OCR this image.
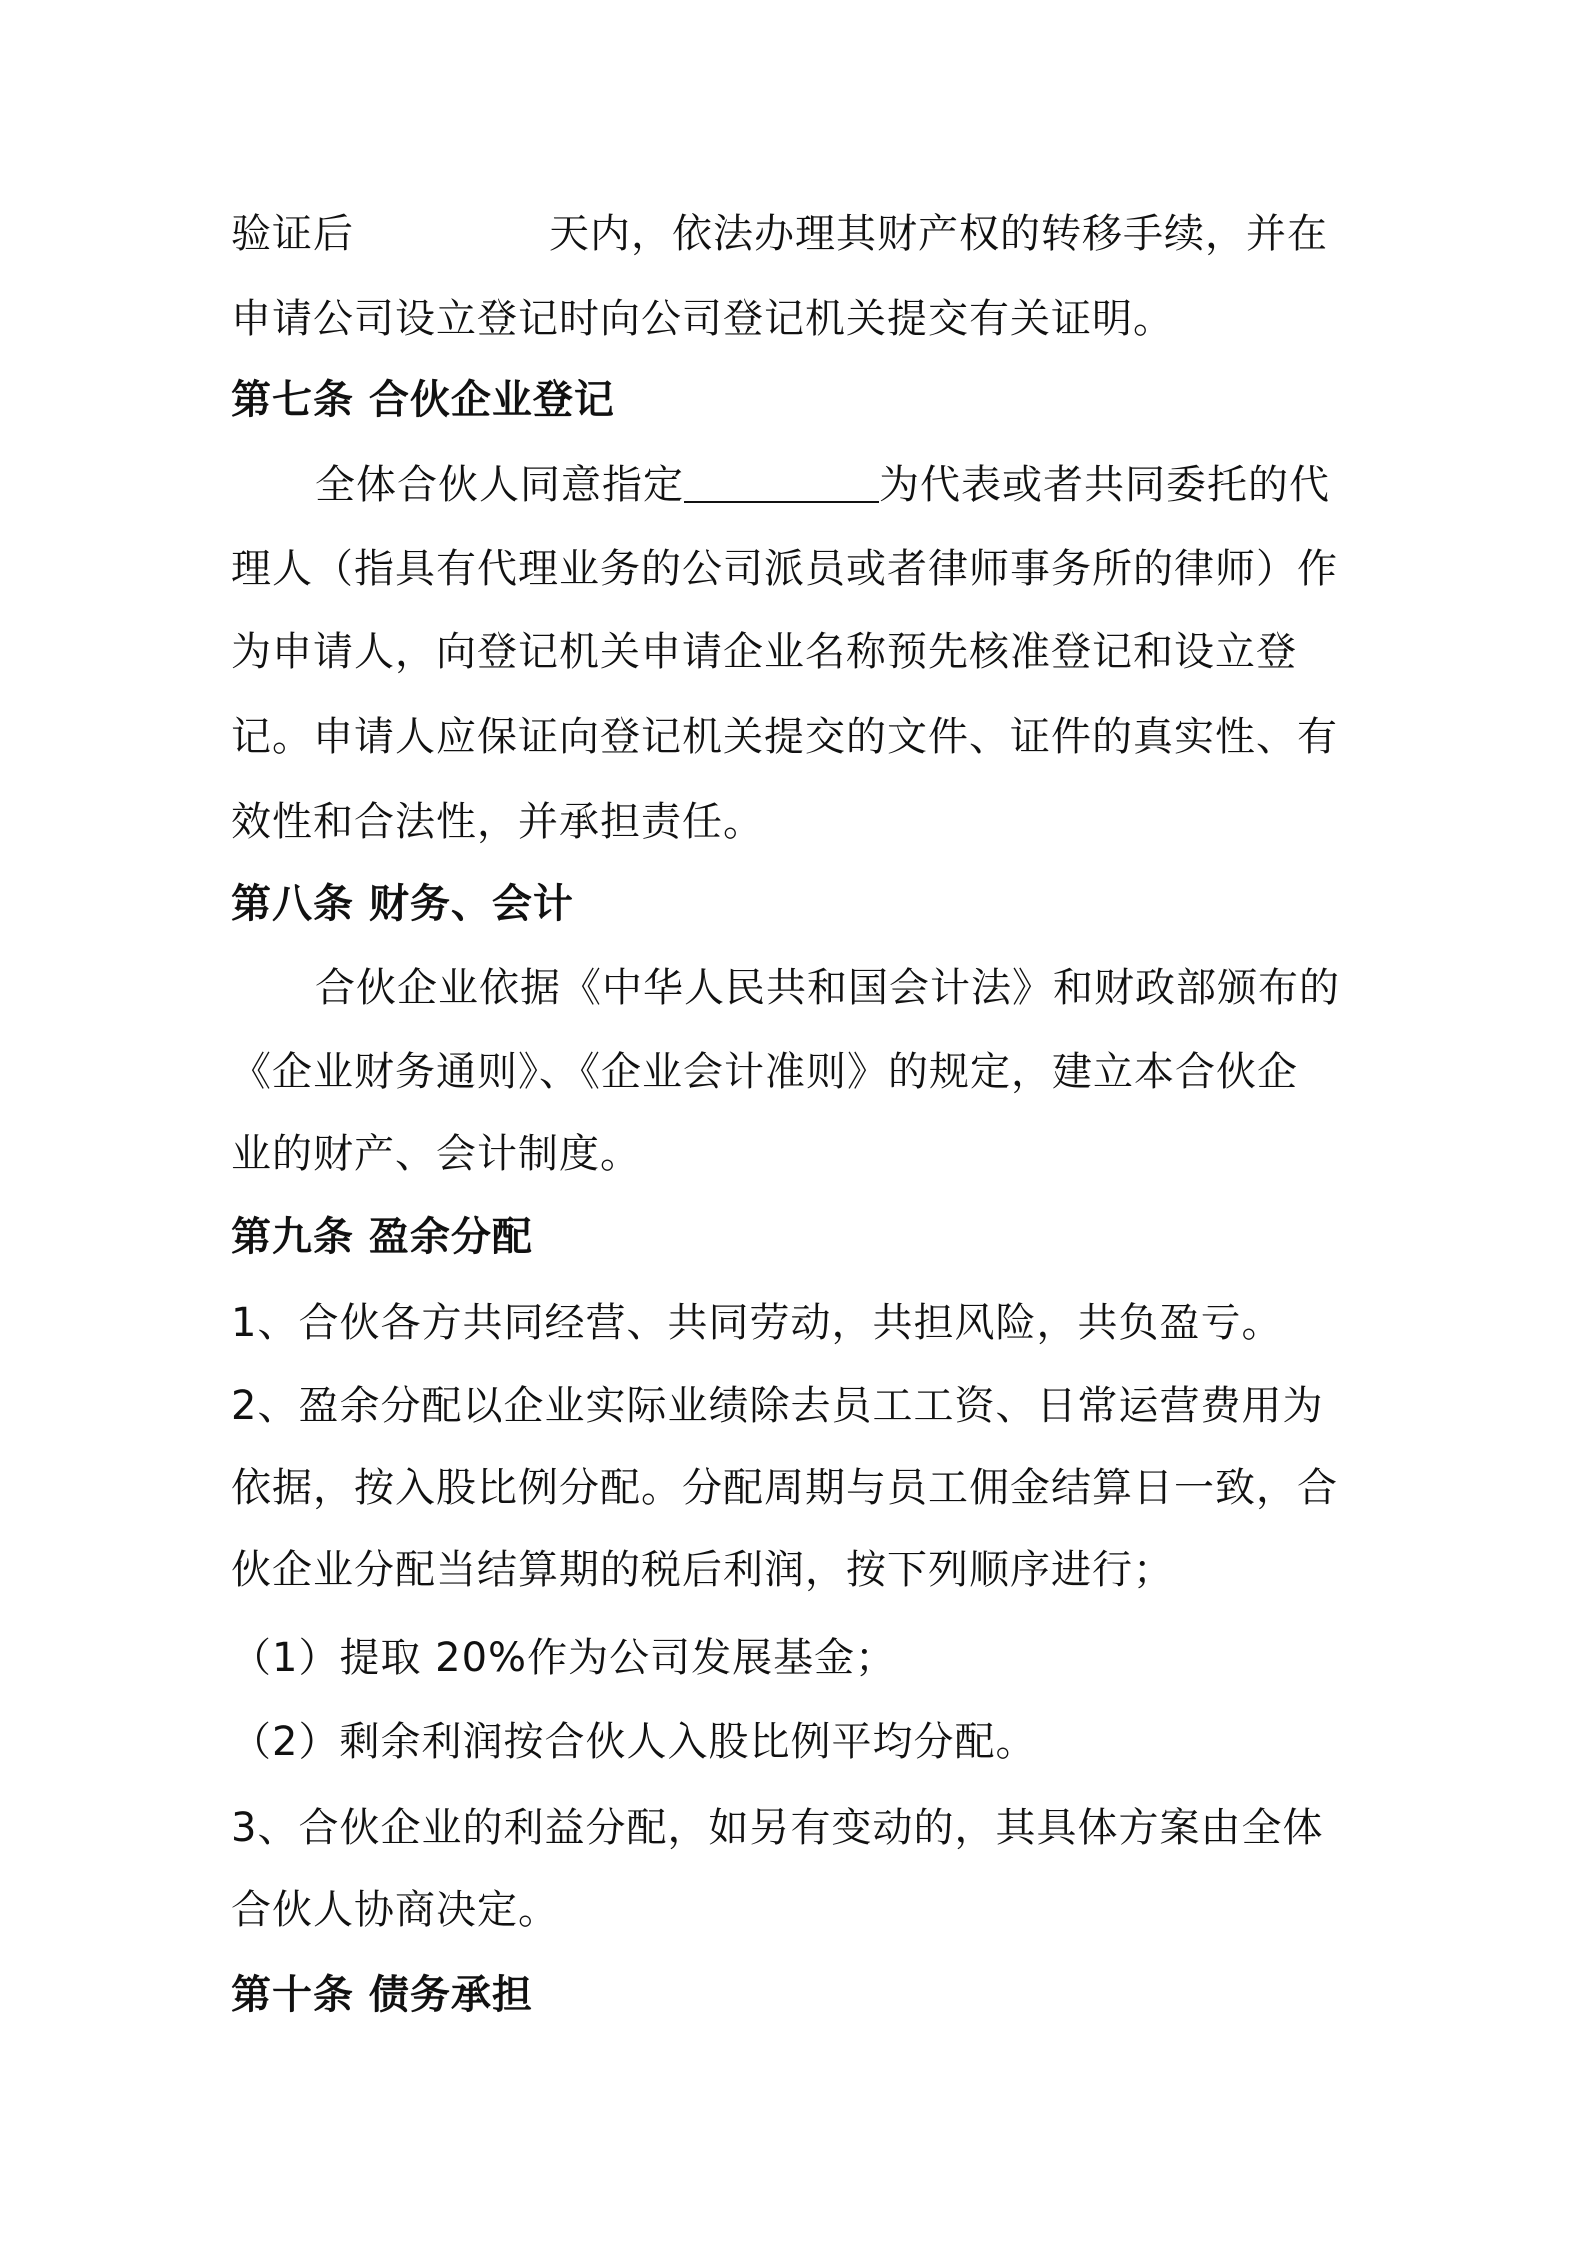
验证后	天内，依法办理其财产权的转移手续，并在
申请公司设立登记时向公司登记机关提交有关证明。
第七条 合伙企业登记
全体合伙人同意指定	为代表或者共同委托的代
理人（指具有代理业务的公司派员或者律师事务所的律师）作
为申请人，向登记机关申请企业名称预先核准登记和设立登
记。申请人应保证向登记机关提交的文件、证件的真实性、有
效性和合法性，并承担责任。
第八条 财务、会计
合伙企业依据《中华人民共和国会计法》和财政部颁布的
《企业财务通则》、《企业会计准则》的规定，建立本合伙企
业的财产、会计制度。
第九条 盈余分配
1、合伙各方共同经营、共同劳动，共担风险，共负盈亏。
2、盈余分配以企业实际业绩除去员工工资、日常运营费用为
依据，按入股比例分配。分配周期与员工佣金结算日一致，合
伙企业分配当结算期的税后利润，按下列顺序进行；
（1）提取 20%作为公司发展基金；
（2）剩余利润按合伙人入股比例平均分配。
3、合伙企业的利益分配，如另有变动的，其具体方案由全体
合伙人协商决定。
第十条 债务承担
